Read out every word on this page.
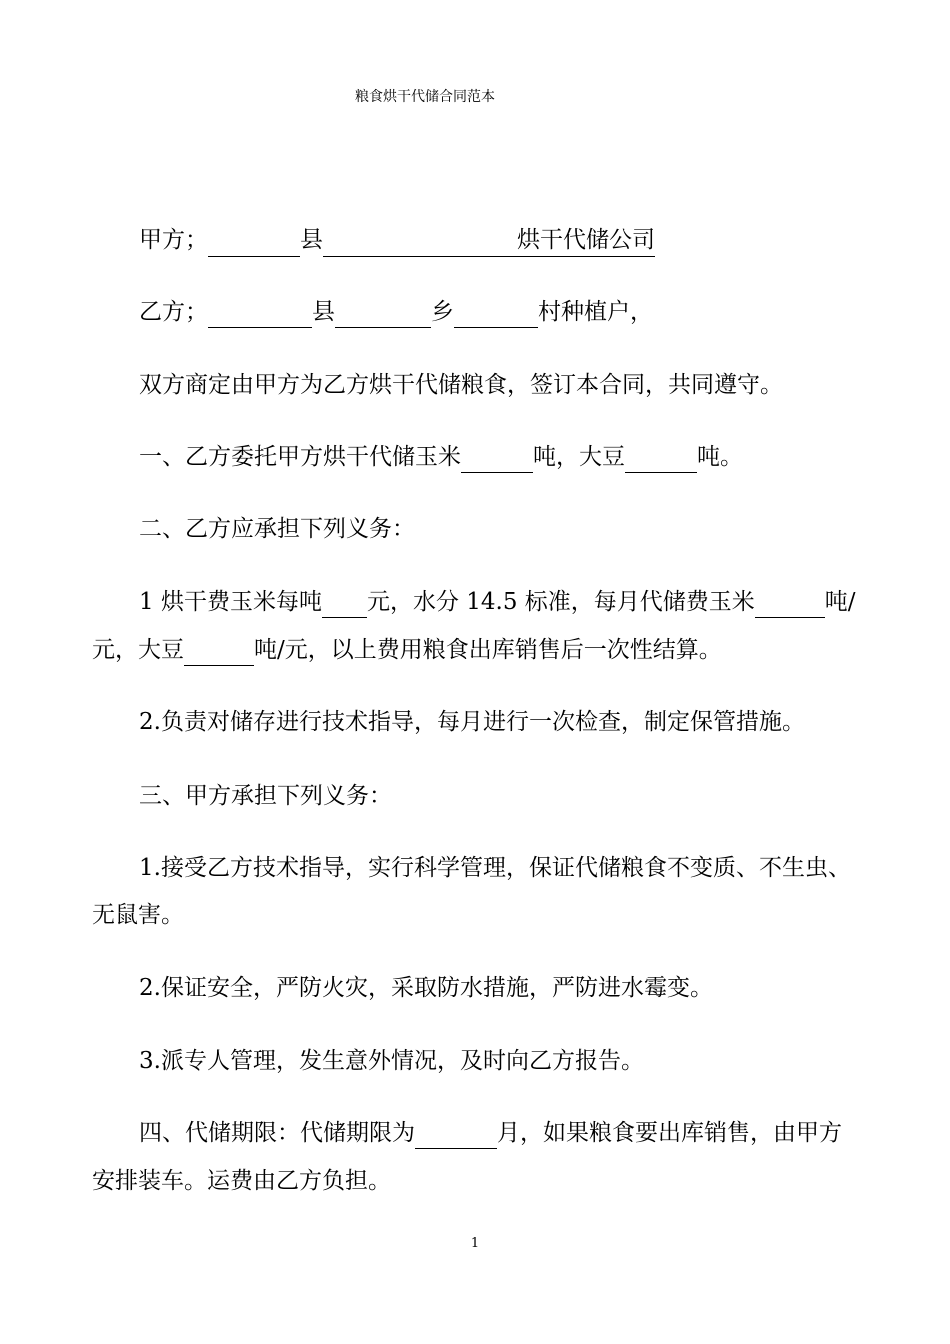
粮食烘干代储合同范本
甲方；	县	烘干代储公司
乙方；	县	乡	村种植户，
双方商定由甲方为乙方烘干代储粮食，签订本合同，共同遵守。
一、乙方委托甲方烘干代储玉米	吨，大豆	吨。
二、乙方应承担下列义务：
1 烘干费玉米每吨 元，水分 14.5 标准，每月代储费玉米	吨/
元，大豆	吨/元，以上费用粮食出库销售后一次性结算。
2.负责对储存进行技术指导，每月进行一次检查，制定保管措施。
三、甲方承担下列义务：
1.接受乙方技术指导，实行科学管理，保证代储粮食不变质、不生虫、
无鼠害。
2.保证安全，严防火灾，采取防水措施，严防进水霉变。
3.派专人管理，发生意外情况，及时向乙方报告。
四、代储期限：代储期限为	月，如果粮食要出库销售，由甲方
安排装车。运费由乙方负担。
1
